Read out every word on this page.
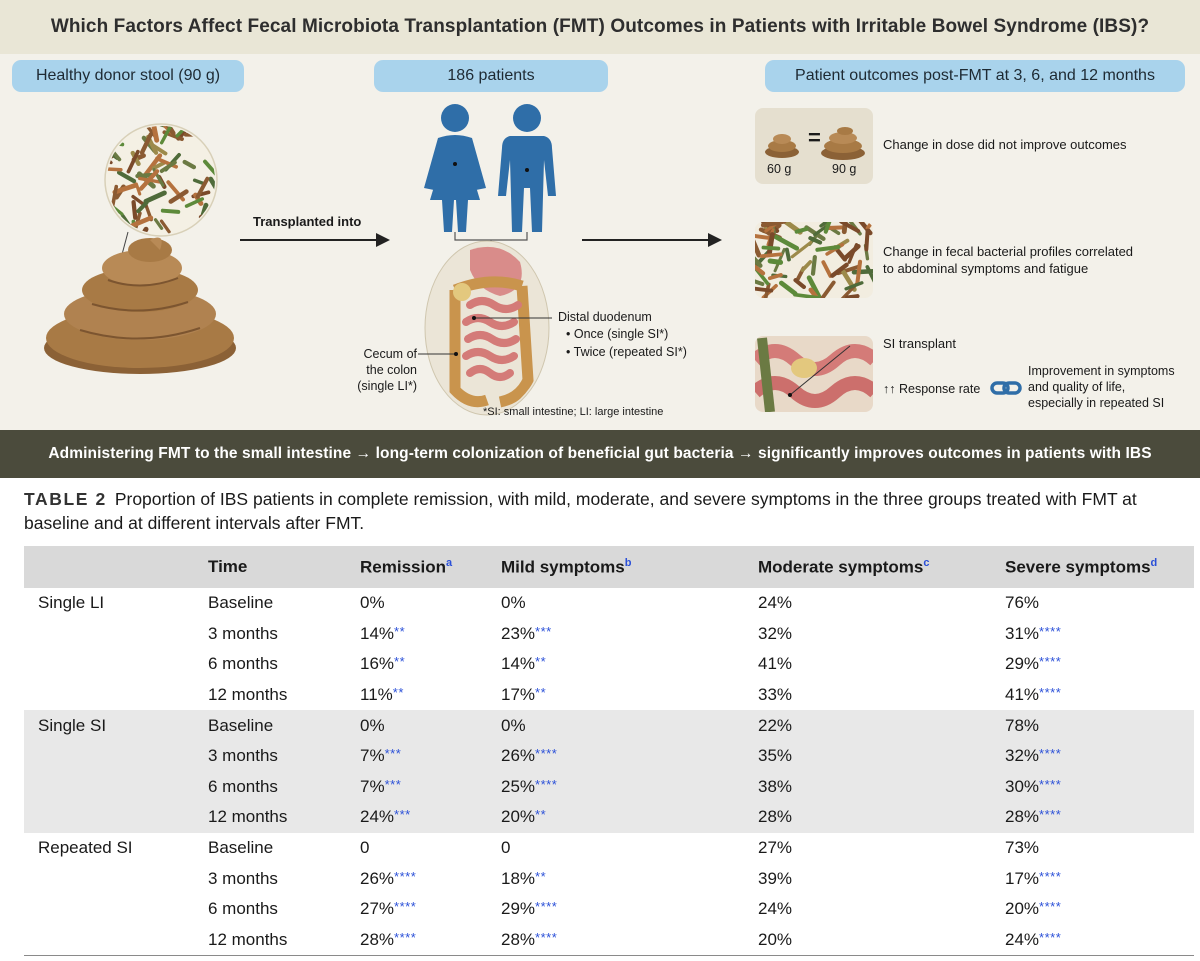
Which Factors Affect Fecal Microbiota Transplantation (FMT) Outcomes in Patients with Irritable Bowel Syndrome (IBS)?
Healthy donor stool (90 g)	186 patients	Patient outcomes post-FMT at 3, 6, and 12 months
Transplanted into
Distal duodenum
• Once (single SI*)
• Twice (repeated SI*)
Cecum of
the colon
(single LI*)
*SI: small intestine; LI: large intestine
=
60 g	90 g
Change in dose did not improve outcomes
Change in fecal bacterial profiles correlated
to abdominal symptoms and fatigue
SI transplant
↑↑ Response rate
Improvement in symptoms
and quality of life,
especially in repeated SI
Administering FMT to the small intestine → long-term colonization of beneficial gut bacteria → significantly improves outcomes in patients with IBS
TABLE 2 Proportion of IBS patients in complete remission, with mild, moderate, and severe symptoms in the three groups treated with FMT at baseline and at different intervals after FMT.
	Time	Remission$^a$	Mild symptoms$^b$	Moderate symptoms$^c$	Severe symptoms$^d$
Single LI	Baseline	0%	0%	24%	76%
	3 months	14%**	23%***	32%	31%****
	6 months	16%**	14%**	41%	29%****
	12 months	11%**	17%**	33%	41%****
Single SI	Baseline	0%	0%	22%	78%
	3 months	7%***	26%****	35%	32%****
	6 months	7%***	25%****	38%	30%****
	12 months	24%***	20%**	28%	28%****
Repeated SI	Baseline	0	0	27%	73%
	3 months	26%****	18%**	39%	17%****
	6 months	27%****	29%****	24%	20%****
	12 months	28%****	28%****	20%	24%****
